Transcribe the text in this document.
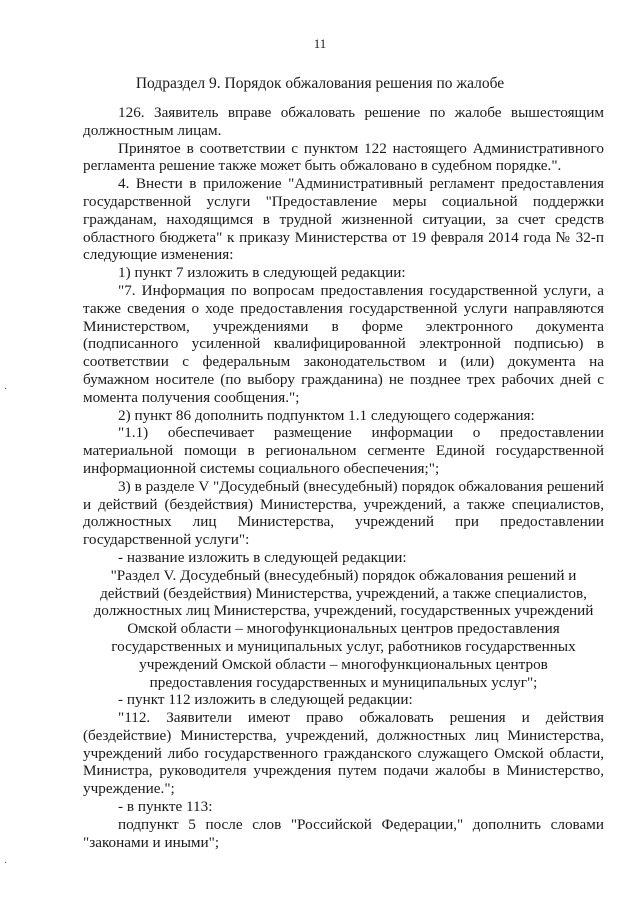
11
Подраздел 9. Порядок обжалования решения по жалобе

126. Заявитель вправе обжаловать решение по жалобе вышестоящим

должностным лицам.

Принятое в соответствии с пунктом 122 настоящего Административного

регламента решение также может быть обжаловано в судебном порядке.".

4. Внести в приложение "Административный регламент предоставления государственной услуги "Предоставление меры социальной поддержки гражданам, находящимся в трудной жизненной ситуации, за счет средств областного бюджета" к приказу Министерства от 19 февраля 2014 года № 32-п следующие изменения:

1) пункт 7 изложить в следующей редакции:

"7. Информация по вопросам предоставления государственной услуги, а также сведения о ходе предоставления государственной услуги направляются Министерством, учреждениями в форме электронного документа (подписанного усиленной квалифицированной электронной подписью) в соответствии с федеральным законодательством и (или) документа на бумажном носителе (по выбору гражданина) не позднее трех рабочих дней с момента получения сообщения.";

2) пункт 86 дополнить подпунктом 1.1 следующего содержания:

"1.1) обеспечивает размещение информации о предоставлении материальной помощи в региональном сегменте Единой государственной информационной системы социального обеспечения;";

3) в разделе V "Досудебный (внесудебный) порядок обжалования решений и действий (бездействия) Министерства, учреждений, а также специалистов, должностных лиц Министерства, учреждений при предоставлении государственной услуги":

- название изложить в следующей редакции:

"Раздел V. Досудебный (внесудебный) порядок обжалования решений и

действий (бездействия) Министерства, учреждений, а также специалистов,

должностных лиц Министерства, учреждений, государственных учреждений

Омской области – многофункциональных центров предоставления

государственных и муниципальных услуг, работников государственных

учреждений Омской области – многофункциональных центров

предоставления государственных и муниципальных услуг";

- пункт 112 изложить в следующей редакции:

"112. Заявители имеют право обжаловать решения и действия (бездействие) Министерства, учреждений, должностных лиц Министерства, учреждений либо государственного гражданского служащего Омской области, Министра, руководителя учреждения путем подачи жалобы в Министерство, учреждение.";

- в пункте 113:

подпункт 5 после слов "Российской Федерации," дополнить словами "законами и иными";

·
·
